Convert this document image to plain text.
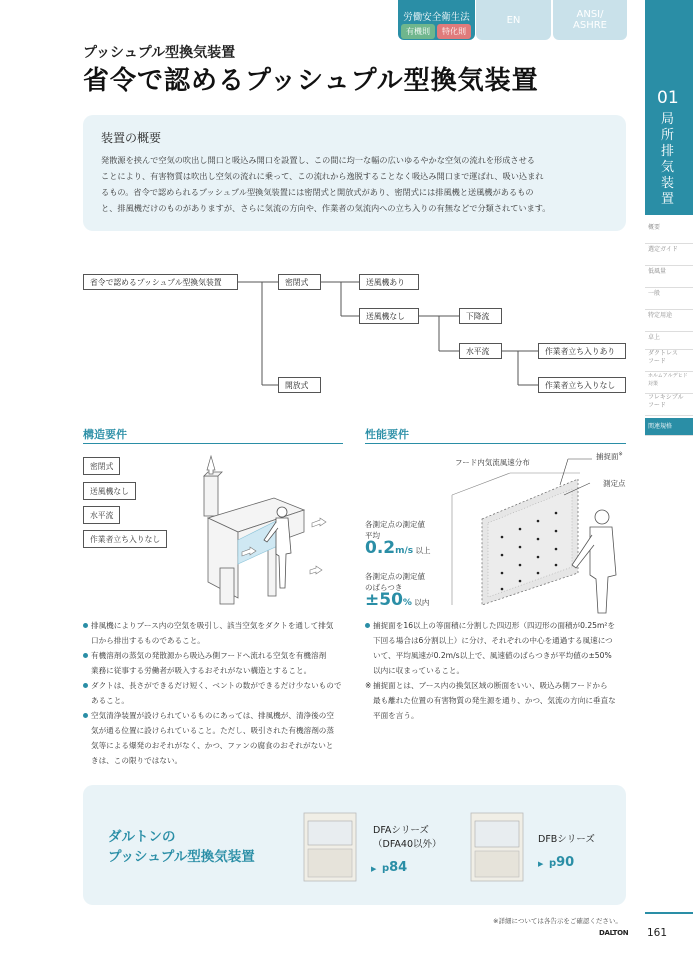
労働安全衛生法
有機則	特化則
EN
ANSI/
ASHRE
01
局
所
排
気
装
置
概要
選定ガイド
低風量
一般
特定用途
卓上
ダクトレス
フード
ホルムアルデヒド
対策
フレキシブル
フード
関連規格
プッシュプル型換気装置
省令で認めるプッシュプル型換気装置
装置の概要

発散源を挟んで空気の吹出し開口と吸込み開口を設置し、この間に均一な幅の広いゆるやかな空気の流れを形成させる
ことにより、有害物質は吹出し空気の流れに乗って、この流れから逸脱することなく吸込み開口まで運ばれ、吸い込まれ
るもの。省令で認められるプッシュプル型換気装置には密閉式と開放式があり、密閉式には排風機と送風機があるもの
と、排風機だけのものがありますが、さらに気流の方向や、作業者の気流内への立ち入りの有無などで分類されています。

省令で認めるプッシュプル型換気装置	密閉式
開放式
送風機あり
送風機なし	下降流
水平流	作業者立ち入りあり
作業者立ち入りなし
構造要件
密閉式
送風機なし
水平流
作業者立ち入りなし
排風機によりブース内の空気を吸引し、該当空気をダクトを通して排気
口から排出するものであること。
有機溶剤の蒸気の発散源から吸込み側フードへ流れる空気を有機溶剤
業務に従事する労働者が吸入するおそれがない構造とすること。
ダクトは、長さができるだけ短く、ベントの数ができるだけ少ないもので
あること。
空気清浄装置が設けられているものにあっては、排風機が、清浄後の空
気が通る位置に設けられていること。ただし、吸引された有機溶剤の蒸
気等による爆発のおそれがなく、かつ、ファンの腐食のおそれがないと
きは、この限りではない。
性能要件
フード内気流風速分布
捕捉面※
測定点
各測定点の測定値
平均
0.2m/s 以上
各測定点の測定値
のばらつき
±50% 以内
捕捉面を16以上の等面積に分割した四辺形（四辺形の面積が0.25m²を
下回る場合は6分割以上）に分け、それぞれの中心を通過する風速につ
いて、平均風速が0.2m/s以上で、風速値のばらつきが平均値の±50%
以内に収まっていること。
※ 捕捉面とは、ブース内の換気区域の断面をいい、吸込み側フードから
最も離れた位置の有害物質の発生源を通り、かつ、気流の方向に垂直な
平面を言う。
ダルトンの
プッシュプル型換気装置
DFAシリーズ
（DFA40以外）
▶ p84
DFBシリーズ
▶ p90
※詳細については各告示をご確認ください。
DALTON 161
